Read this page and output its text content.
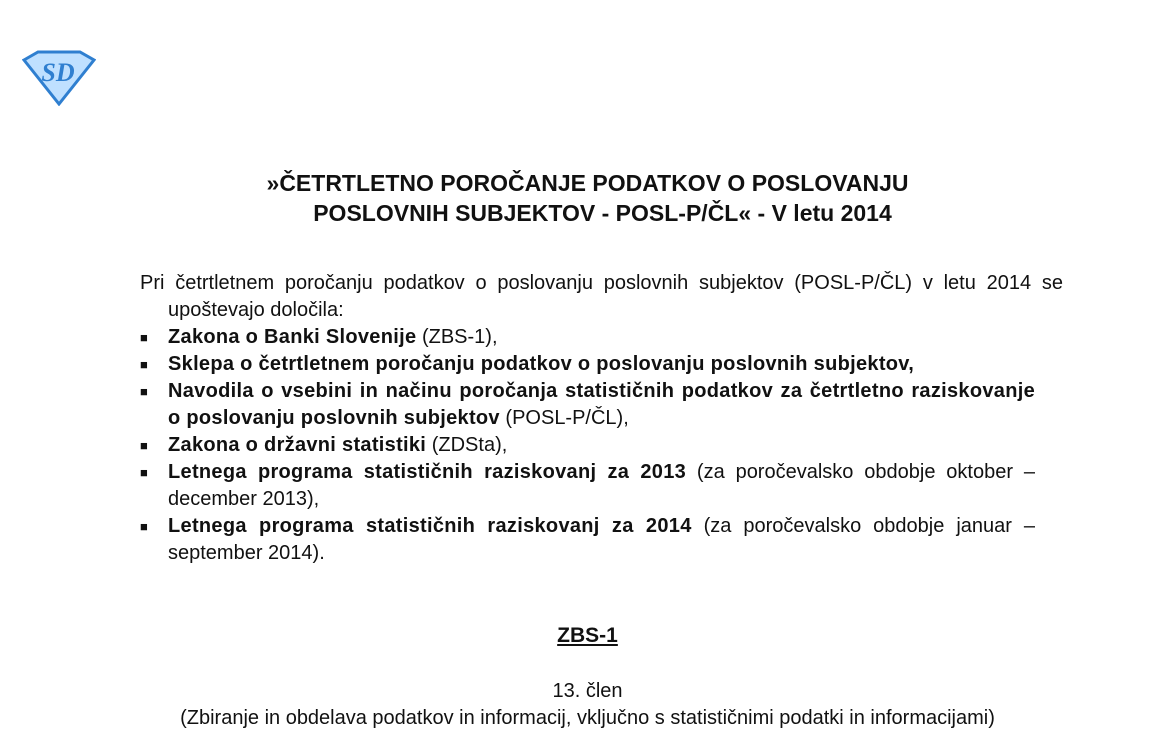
SD
»ČETRTLETNO POROČANJE PODATKOV O POSLOVANJU
POSLOVNIH SUBJEKTOV - POSL-P/ČL« - V letu 2014
Pri četrtletnem poročanju podatkov o poslovanju poslovnih subjektov (POSL-P/ČL) v letu 2014 se upoštevajo določila:
■ Zakona o Banki Slovenije (ZBS-1),
■ Sklepa o četrtletnem poročanju podatkov o poslovanju poslovnih subjektov,
■ Navodila o vsebini in načinu poročanja statističnih podatkov za četrtletno raziskovanje o poslovanju poslovnih subjektov (POSL-P/ČL),
■ Zakona o državni statistiki (ZDSta),
■ Letnega programa statističnih raziskovanj za 2013 (za poročevalsko obdobje oktober – december 2013),
■ Letnega programa statističnih raziskovanj za 2014 (za poročevalsko obdobje januar – september 2014).
ZBS-1
13. člen
(Zbiranje in obdelava podatkov in informacij, vključno s statističnimi podatki in informacijami)
